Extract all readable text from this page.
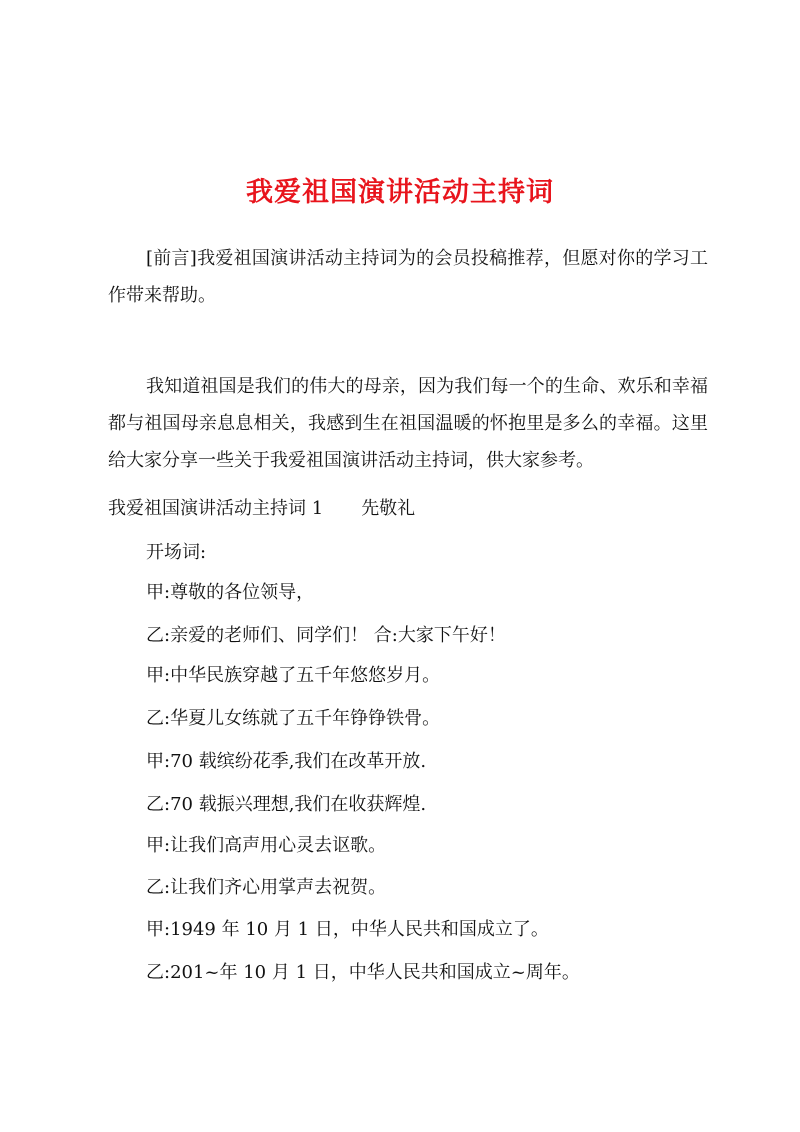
我爱祖国演讲活动主持词

[前言]我爱祖国演讲活动主持词为的会员投稿推荐，但愿对你的学习工作带来帮助。

我知道祖国是我们的伟大的母亲，因为我们每一个的生命、欢乐和幸福都与祖国母亲息息相关，我感到生在祖国温暖的怀抱里是多么的幸福。这里给大家分享一些关于我爱祖国演讲活动主持词，供大家参考。

我爱祖国演讲活动主持词 1 先敬礼
开场词:
甲:尊敬的各位领导，
乙:亲爱的老师们、同学们！ 合:大家下午好！
甲:中华民族穿越了五千年悠悠岁月。
乙:华夏儿女练就了五千年铮铮铁骨。
甲:70 载缤纷花季,我们在改革开放.
乙:70 载振兴理想,我们在收获辉煌.
甲:让我们高声用心灵去讴歌。
乙:让我们齐心用掌声去祝贺。
甲:1949 年 10 月 1 日，中华人民共和国成立了。
乙:201~年 10 月 1 日，中华人民共和国成立~周年。
